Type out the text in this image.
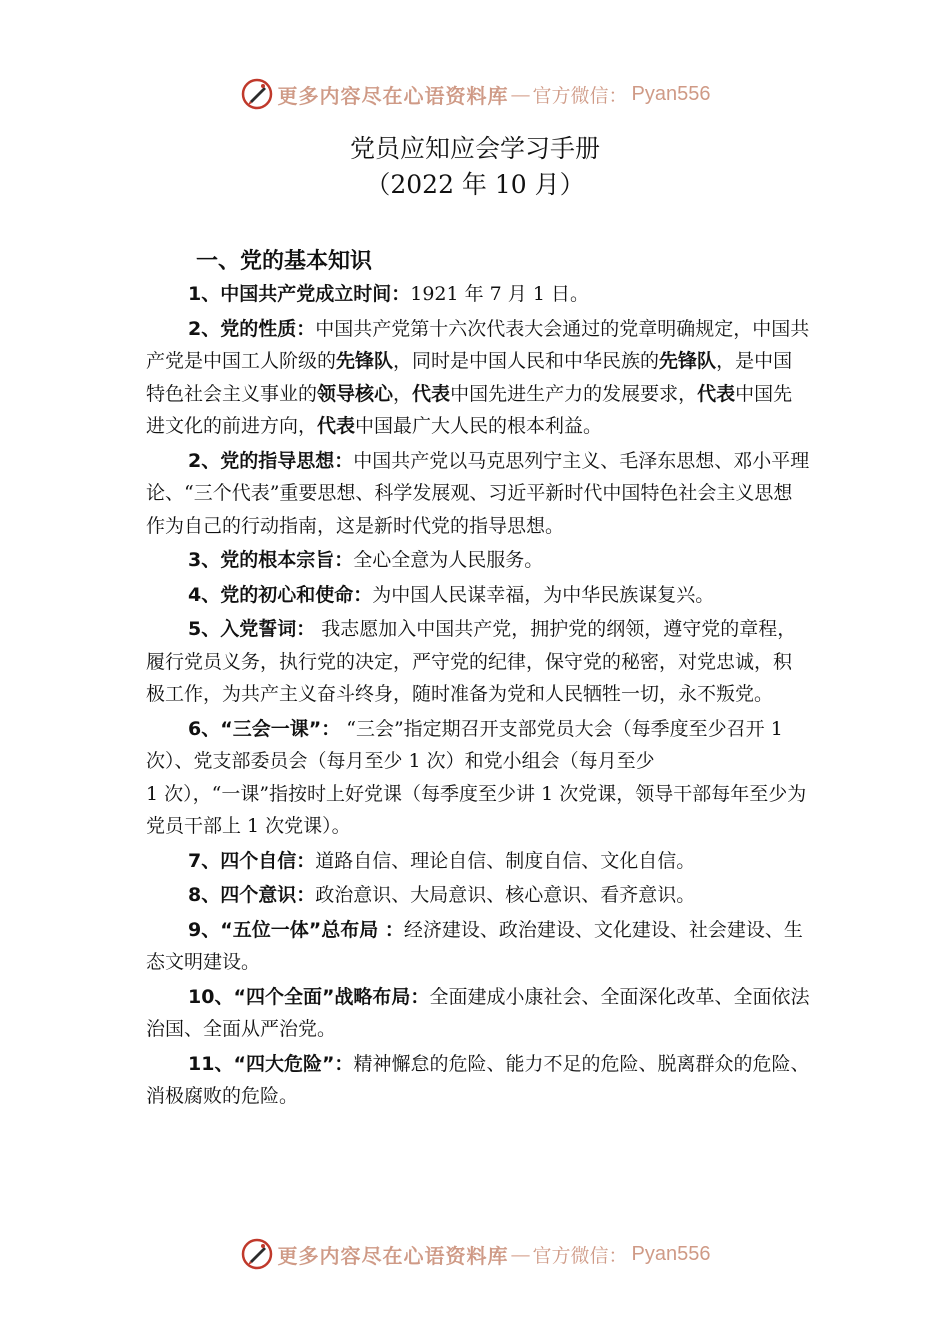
更多内容尽在心语资料库 — 官方微信： Pyan556
党员应知应会学习手册
（2022 年 10 月）
一、党的基本知识

1、中国共产党成立时间：1921 年 7 月 1 日。

2、党的性质：中国共产党第十六次代表大会通过的党章明确规定，中国共产党是中国工人阶级的先锋队，同时是中国人民和中华民族的先锋队，是中国特色社会主义事业的领导核心，代表中国先进生产力的发展要求，代表中国先进文化的前进方向，代表中国最广大人民的根本利益。

2、党的指导思想：中国共产党以马克思列宁主义、毛泽东思想、邓小平理论、“三个代表”重要思想、科学发展观、习近平新时代中国特色社会主义思想作为自己的行动指南，这是新时代党的指导思想。

3、党的根本宗旨：全心全意为人民服务。

4、党的初心和使命：为中国人民谋幸福，为中华民族谋复兴。

5、入党誓词： 我志愿加入中国共产党，拥护党的纲领，遵守党的章程，履行党员义务，执行党的决定，严守党的纪律，保守党的秘密，对党忠诚，积极工作，为共产主义奋斗终身，随时准备为党和人民牺牲一切，永不叛党。

6、“三会一课”： “三会”指定期召开支部党员大会（每季度至少召开 1 次）、党支部委员会（每月至少 1 次）和党小组会（每月至少

1 次），“一课”指按时上好党课（每季度至少讲 1 次党课，领导干部每年至少为党员干部上 1 次党课）。

7、四个自信：道路自信、理论自信、制度自信、文化自信。

8、四个意识：政治意识、大局意识、核心意识、看齐意识。

9、“五位一体”总布局 ：经济建设、政治建设、文化建设、社会建设、生态文明建设。

10、“四个全面”战略布局：全面建成小康社会、全面深化改革、全面依法治国、全面从严治党。

11、“四大危险”：精神懈怠的危险、能力不足的危险、脱离群众的危险、消极腐败的危险。

更多内容尽在心语资料库 — 官方微信： Pyan556
